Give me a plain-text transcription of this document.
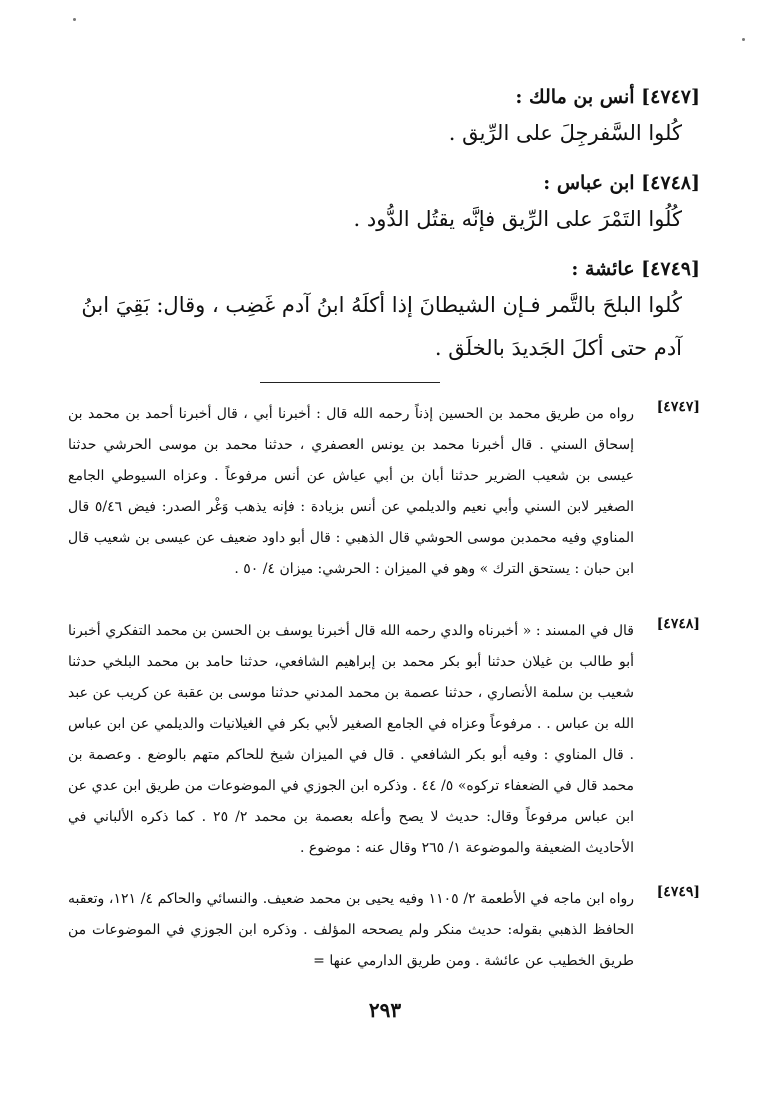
[٤٧٤٧] أنس بن مالك :
كُلوا السَّفرجِلَ على الرِّيق .
[٤٧٤٨] ابن عباس :
كُلُوا التَمْرَ على الرِّيق فإنَّه يقتُل الدُّود .
[٤٧٤٩] عائشة :
كُلوا البلحَ بالتَّمر فـإن الشيطانَ إذا أكلَهُ ابنُ آدم غَضِب ، وقال: بَقِيَ ابنُ آدم حتى أكلَ الجَديدَ بالخلَق .
[٤٧٤٧]
رواه من طريق محمد بن الحسين إذناً رحمه الله قال : أخبرنا أبي ، قال أخبرنا أحمد بن محمد بن إسحاق السني . قال أخبرنا محمد بن يونس العصفري ، حدثنا محمد بن موسى الحرشي حدثنا عيسى بن شعيب الضرير حدثنا أبان بن أبي عياش عن أنس مرفوعاً . وعزاه السيوطي الجامع الصغير لابن السني وأبي نعيم والديلمي عن أنس بزيادة : فإنه يذهب وَغْر الصدر: فيض ٥/٤٦ قال المناوي وفيه محمدبن موسى الحوشي قال الذهبي : قال أبو داود ضعيف عن عيسى بن شعيب قال ابن حبان : يستحق الترك » وهو في الميزان : الحرشي: ميزان ٤/ ٥٠ .
[٤٧٤٨]
قال في المسند : « أخبرناه والدي رحمه الله قال أخبرنا يوسف بن الحسن بن محمد التفكري أخبرنا أبو طالب بن غيلان حدثنا أبو بكر محمد بن إبراهيم الشافعي، حدثنا حامد بن محمد البلخي حدثنا شعيب بن سلمة الأنصاري ، حدثنا عصمة بن محمد المدني حدثنا موسى بن عقبة عن كريب عن عبد الله بن عباس . . مرفوعاً وعزاه في الجامع الصغير لأبي بكر في الغيلانيات والديلمي عن ابن عباس . قال المناوي : وفيه أبو بكر الشافعي . قال في الميزان شيخ للحاكم متهم بالوضع . وعصمة بن محمد قال في الضعفاء تركوه» ٥/ ٤٤ . وذكره ابن الجوزي في الموضوعات من طريق ابن عدي عن ابن عباس مرفوعاً وقال: حديث لا يصح وأعله بعصمة بن محمد ٢/ ٢٥ . كما ذكره الألباني في الأحاديث الضعيفة والموضوعة ١/ ٢٦٥ وقال عنه : موضوع .
[٤٧٤٩]
رواه ابن ماجه في الأطعمة ٢/ ١١٠٥ وفيه يحيى بن محمد ضعيف. والنسائي والحاكم ٤/ ١٢١، وتعقبه الحافظ الذهبي بقوله: حديث منكر ولم يصححه المؤلف . وذكره ابن الجوزي في الموضوعات من طريق الخطيب عن عائشة . ومن طريق الدارمي عنها =
٢٩٣
